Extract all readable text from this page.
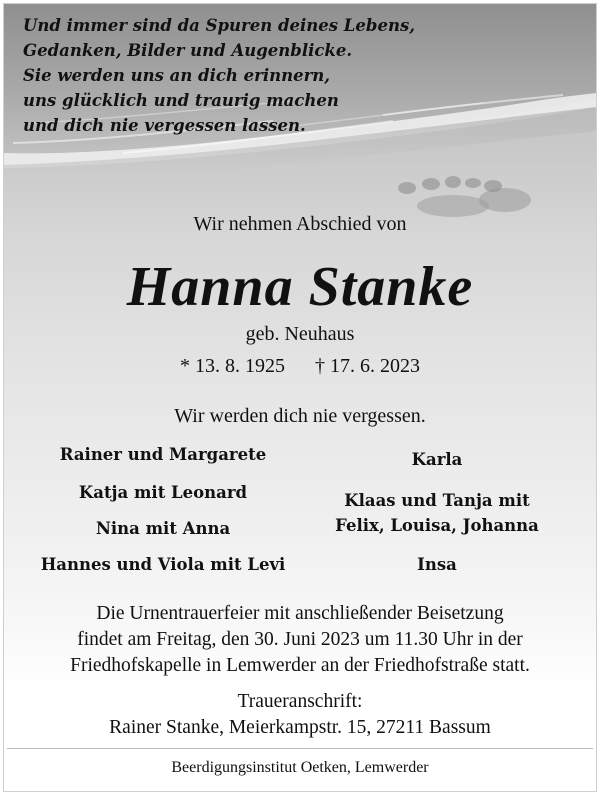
Und immer sind da Spuren deines Lebens,
Gedanken, Bilder und Augenblicke.
Sie werden uns an dich erinnern,
uns glücklich und traurig machen
und dich nie vergessen lassen.
Wir nehmen Abschied von
Hanna Stanke
geb. Neuhaus
* 13. 8. 1925 † 17. 6. 2023
Wir werden dich nie vergessen.
Rainer und Margarete
Katja mit Leonard
Nina mit Anna
Hannes und Viola mit Levi
Karla
Klaas und Tanja mit
Felix, Louisa, Johanna
Insa
Die Urnentrauerfeier mit anschließender Beisetzung
findet am Freitag, den 30. Juni 2023 um 11.30 Uhr in der
Friedhofskapelle in Lemwerder an der Friedhofstraße statt.
Traueranschrift:
Rainer Stanke, Meierkampstr. 15, 27211 Bassum
Beerdigungsinstitut Oetken, Lemwerder
